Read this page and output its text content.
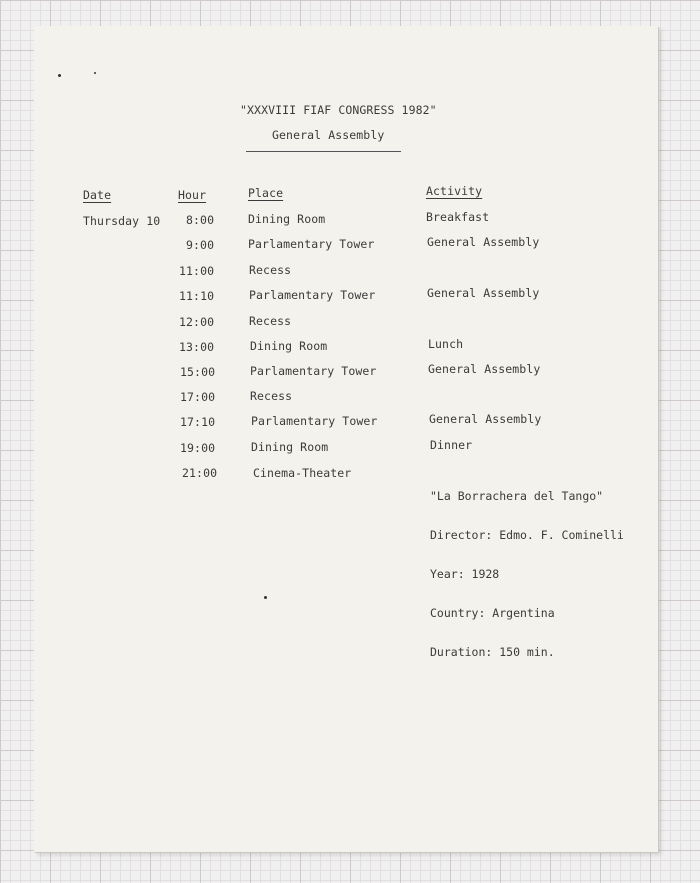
"XXXVIII FIAF CONGRESS 1982"
General Assembly
Date	Hour	Place	Activity
Thursday 10 8:00	Dining Room	Breakfast
9:00	Parlamentary Tower	General Assembly
11:00	Recess
11:10	Parlamentary Tower	General Assembly
12:00	Recess
13:00	Dining Room	Lunch
15:00	Parlamentary Tower	General Assembly
17:00	Recess
17:10	Parlamentary Tower	General Assembly
19:00	Dining Room	Dinner
21:00	Cinema-Theater

"La Borrachera del Tango"

Director: Edmo. F. Cominelli

Year: 1928

Country: Argentina

Duration: 150 min.
